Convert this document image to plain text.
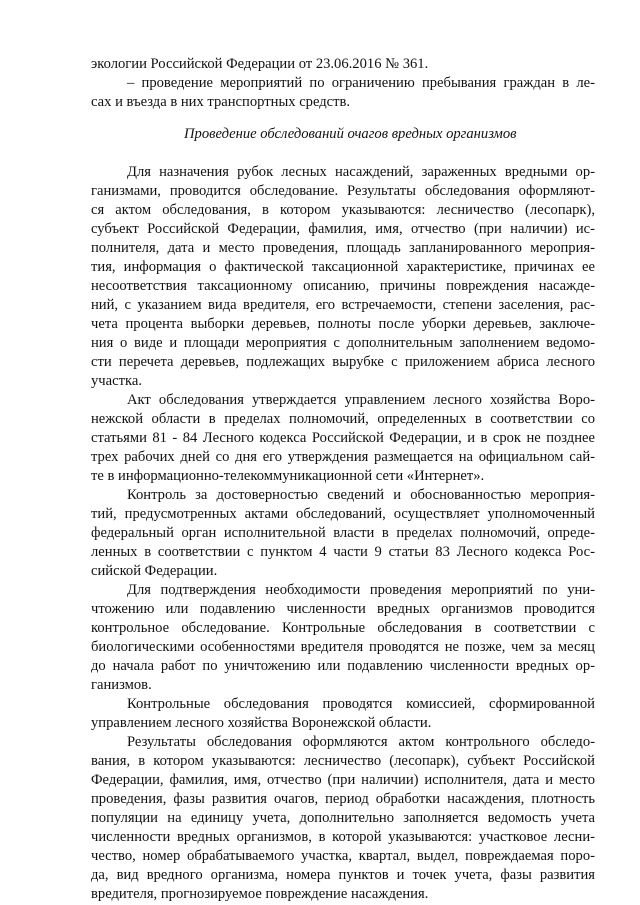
экологии Российской Федерации от 23.06.2016 № 361.
– проведение мероприятий по ограничению пребывания граждан в ле-
сах и въезда в них транспортных средств.
Проведение обследований очагов вредных организмов
Для назначения рубок лесных насаждений, зараженных вредными ор-
ганизмами, проводится обследование. Результаты обследования оформляют-
ся актом обследования, в котором указываются: лесничество (лесопарк),
субъект Российской Федерации, фамилия, имя, отчество (при наличии) ис-
полнителя, дата и место проведения, площадь запланированного мероприя-
тия, информация о фактической таксационной характеристике, причинах ее
несоответствия таксационному описанию, причины повреждения насажде-
ний, с указанием вида вредителя, его встречаемости, степени заселения, рас-
чета процента выборки деревьев, полноты после уборки деревьев, заключе-
ния о виде и площади мероприятия с дополнительным заполнением ведомо-
сти перечета деревьев, подлежащих вырубке с приложением абриса лесного
участка.
Акт обследования утверждается управлением лесного хозяйства Воро-
нежской области в пределах полномочий, определенных в соответствии со
статьями 81 - 84 Лесного кодекса Российской Федерации, и в срок не позднее
трех рабочих дней со дня его утверждения размещается на официальном сай-
те в информационно-телекоммуникационной сети «Интернет».
Контроль за достоверностью сведений и обоснованностью мероприя-
тий, предусмотренных актами обследований, осуществляет уполномоченный
федеральный орган исполнительной власти в пределах полномочий, опреде-
ленных в соответствии с пунктом 4 части 9 статьи 83 Лесного кодекса Рос-
сийской Федерации.
Для подтверждения необходимости проведения мероприятий по уни-
чтожению или подавлению численности вредных организмов проводится
контрольное обследование. Контрольные обследования в соответствии с
биологическими особенностями вредителя проводятся не позже, чем за месяц
до начала работ по уничтожению или подавлению численности вредных ор-
ганизмов.
Контрольные обследования проводятся комиссией, сформированной
управлением лесного хозяйства Воронежской области.
Результаты обследования оформляются актом контрольного обследо-
вания, в котором указываются: лесничество (лесопарк), субъект Российской
Федерации, фамилия, имя, отчество (при наличии) исполнителя, дата и место
проведения, фазы развития очагов, период обработки насаждения, плотность
популяции на единицу учета, дополнительно заполняется ведомость учета
численности вредных организмов, в которой указываются: участковое лесни-
чество, номер обрабатываемого участка, квартал, выдел, повреждаемая поро-
да, вид вредного организма, номера пунктов и точек учета, фазы развития
вредителя, прогнозируемое повреждение насаждения.
